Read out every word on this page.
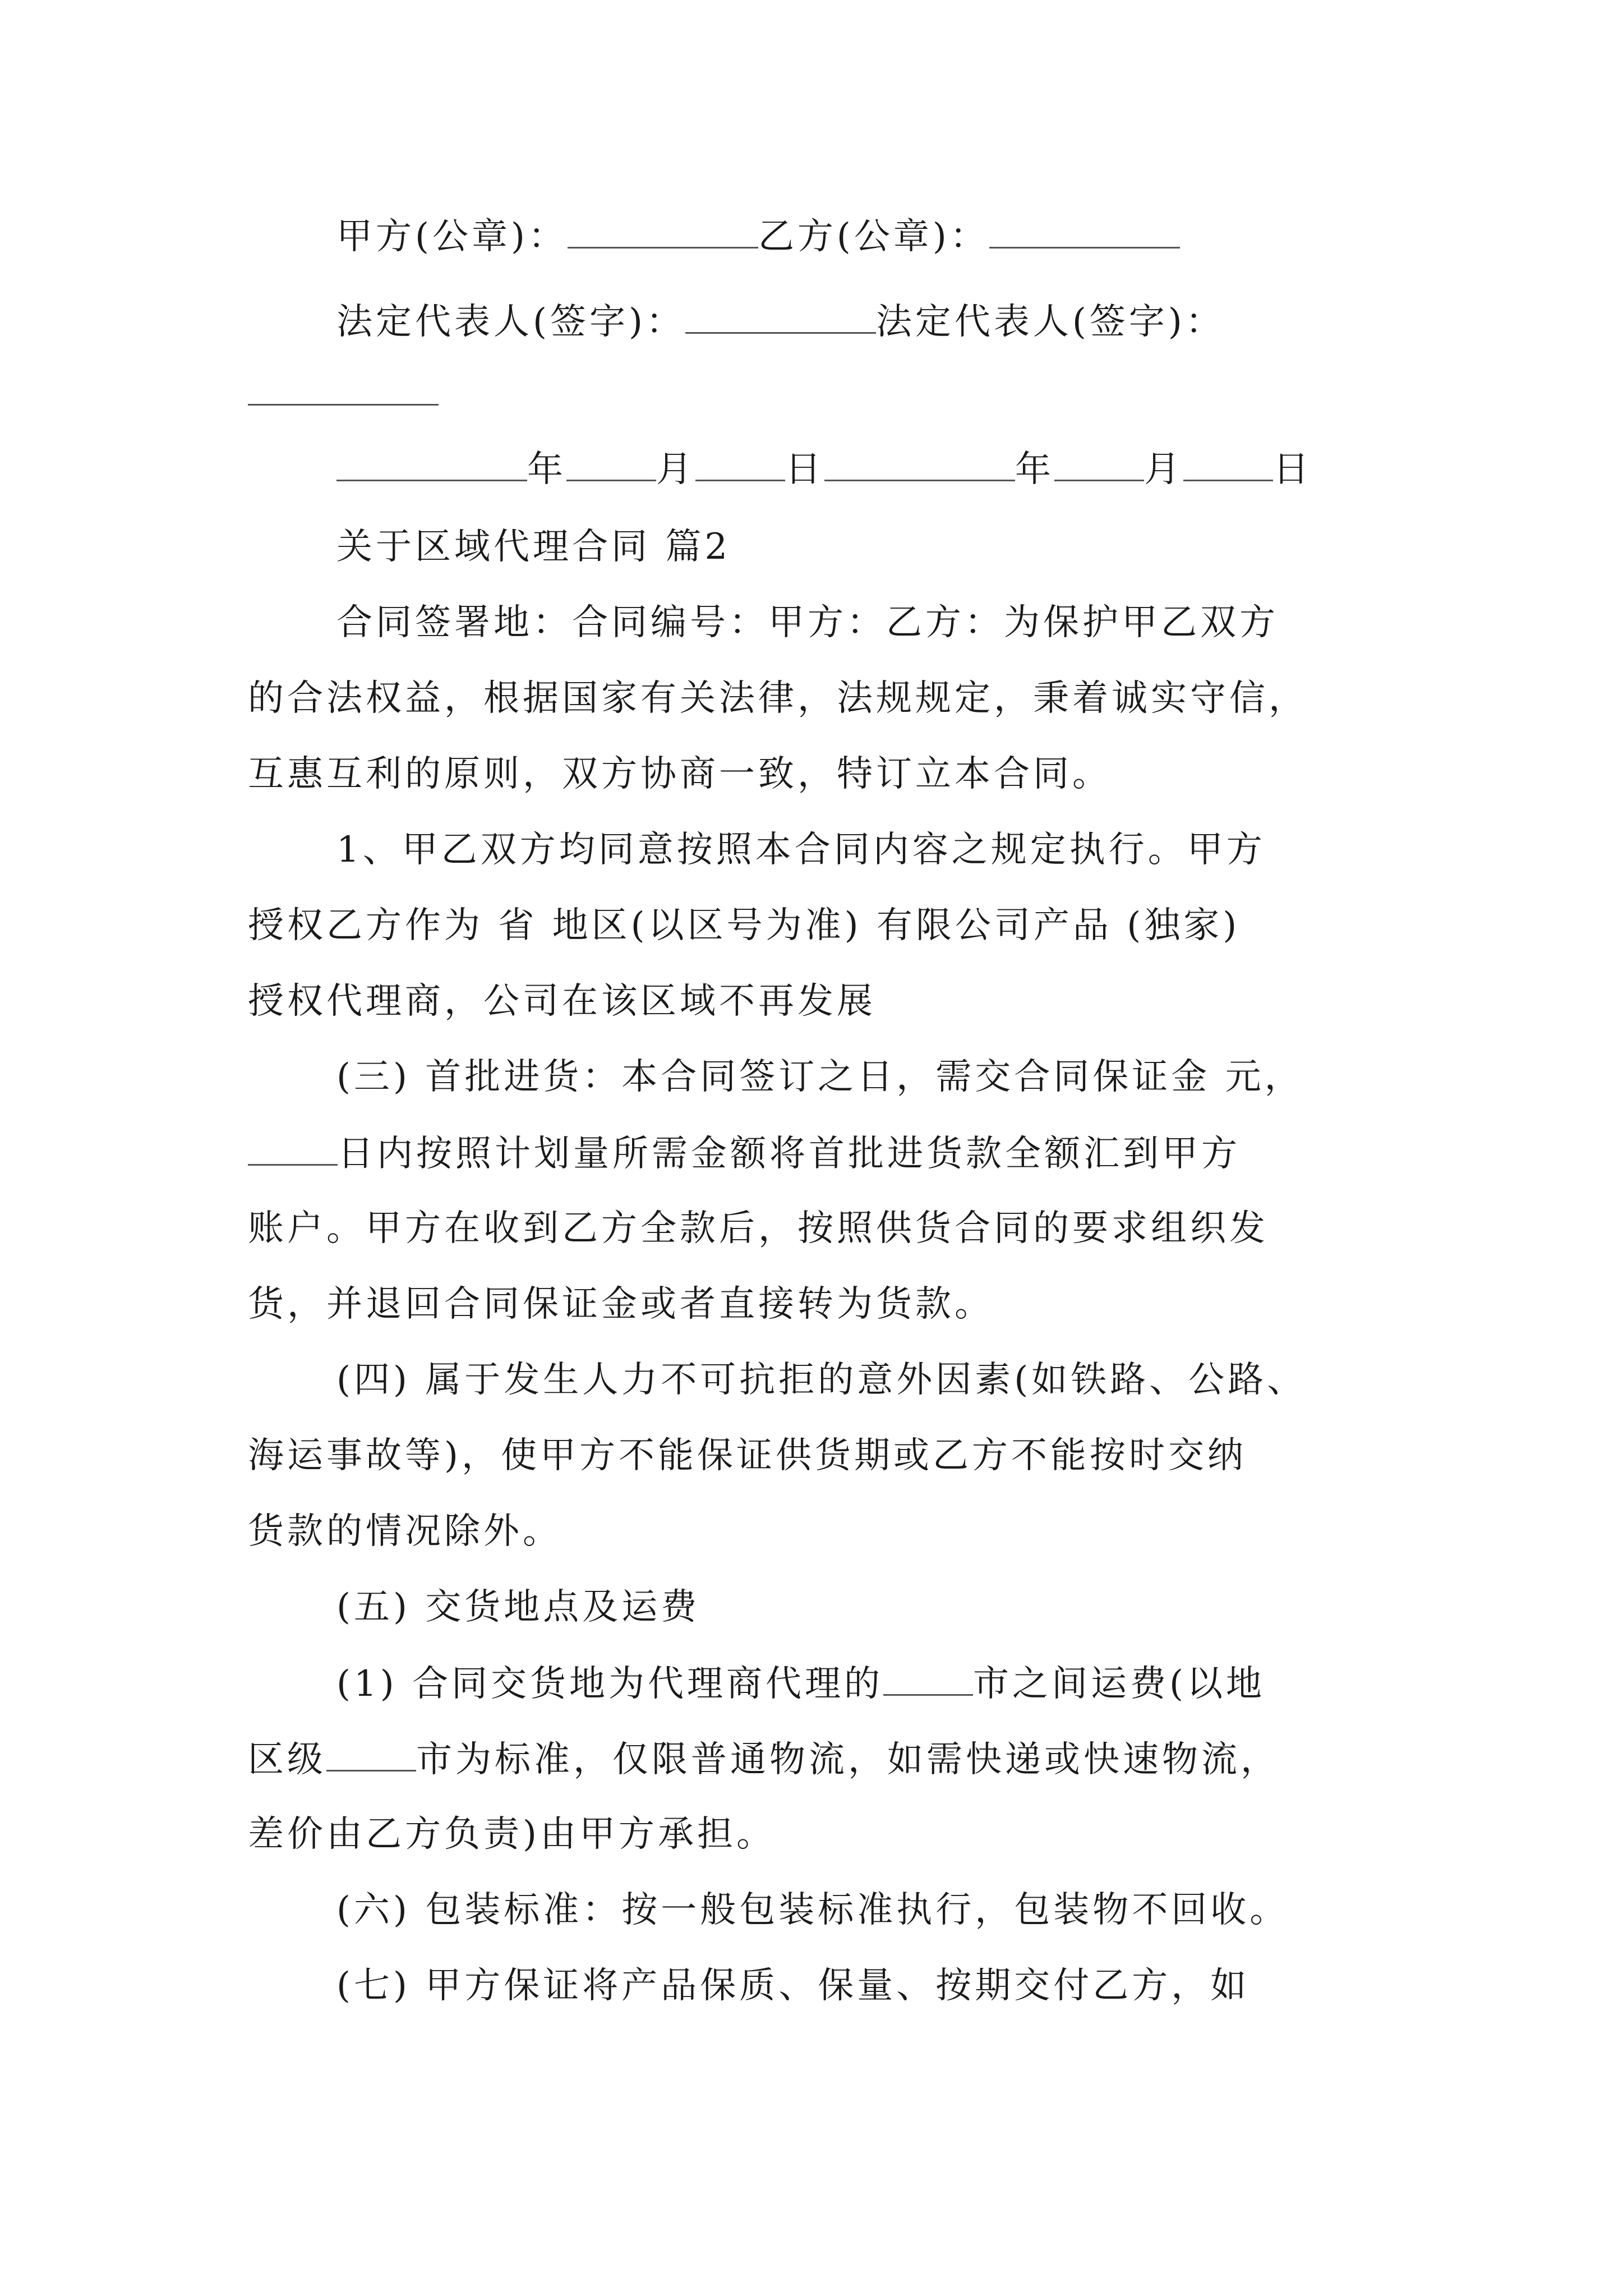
甲方(公章)：	乙方(公章)：
法定代表人(签字)：	法定代表人(签字)：
年	月	日	年	月	日
关于区域代理合同 篇2
合同签署地：合同编号：甲方：乙方：为保护甲乙双方
的合法权益，根据国家有关法律，法规规定，秉着诚实守信，
互惠互利的原则，双方协商一致，特订立本合同。
1、甲乙双方均同意按照本合同内容之规定执行。甲方
授权乙方作为 省 地区(以区号为准) 有限公司产品 (独家)
授权代理商，公司在该区域不再发展
(三) 首批进货：本合同签订之日，需交合同保证金 元，
日内按照计划量所需金额将首批进货款全额汇到甲方
账户。甲方在收到乙方全款后，按照供货合同的要求组织发
货，并退回合同保证金或者直接转为货款。
(四) 属于发生人力不可抗拒的意外因素(如铁路、公路、
海运事故等)，使甲方不能保证供货期或乙方不能按时交纳
货款的情况除外。
(五) 交货地点及运费
(1) 合同交货地为代理商代理的	市之间运费(以地
区级	市为标准，仅限普通物流，如需快递或快速物流，
差价由乙方负责)由甲方承担。
(六) 包装标准：按一般包装标准执行，包装物不回收。
(七) 甲方保证将产品保质、保量、按期交付乙方，如
